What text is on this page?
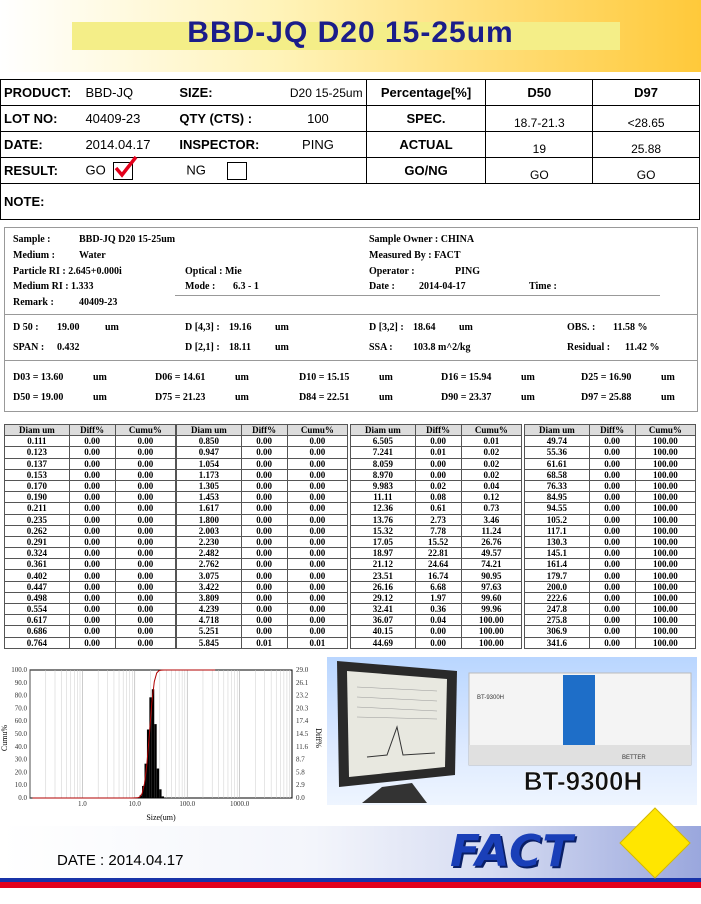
BBD-JQ D20 15-25um
PRODUCT:	BBD-JQ	SIZE:	D20 15-25um	Percentage[%]	D50	D97
LOT NO:	40409-23	QTY (CTS) :	100	SPEC.	18.7-21.3	<28.65
DATE:	2014.04.17	INSPECTOR:	PING	ACTUAL	19	25.88
RESULT:	GO	NG		GO/NG	GO	GO
NOTE:						
Sample :	BBD-JQ D20 15-25um	Sample Owner : CHINA
Medium : Water	Measured By : FACT
Particle RI : 2.645+0.000i	Optical : Mie	Operator :	PING
Medium RI : 1.333	Mode : 6.3 - 1	Date : 2014-04-17	Time :
Remark :	40409-23
D 50 : 19.00	um	D [4,3] : 19.16 um	D [3,2] : 18.64 um	OBS. : 11.58 %
SPAN : 0.432	D [2,1] : 18.11 um	SSA : 103.8 m^2/kg	Residual : 11.42 %
D03 = 13.60	um	D06 = 14.61	um	D10 = 15.15	um	D16 = 15.94	um	D25 = 16.90	um
D50 = 19.00	um	D75 = 21.23	um	D84 = 22.51	um	D90 = 23.37	um	D97 = 25.88	um
Diam um	Diff%	Cumu%
0.111	0.00	0.00
0.123	0.00	0.00
0.137	0.00	0.00
0.153	0.00	0.00
0.170	0.00	0.00
0.190	0.00	0.00
0.211	0.00	0.00
0.235	0.00	0.00
0.262	0.00	0.00
0.291	0.00	0.00
0.324	0.00	0.00
0.361	0.00	0.00
0.402	0.00	0.00
0.447	0.00	0.00
0.498	0.00	0.00
0.554	0.00	0.00
0.617	0.00	0.00
0.686	0.00	0.00
0.764	0.00	0.00
Diam um	Diff%	Cumu%
0.850	0.00	0.00
0.947	0.00	0.00
1.054	0.00	0.00
1.173	0.00	0.00
1.305	0.00	0.00
1.453	0.00	0.00
1.617	0.00	0.00
1.800	0.00	0.00
2.003	0.00	0.00
2.230	0.00	0.00
2.482	0.00	0.00
2.762	0.00	0.00
3.075	0.00	0.00
3.422	0.00	0.00
3.809	0.00	0.00
4.239	0.00	0.00
4.718	0.00	0.00
5.251	0.00	0.00
5.845	0.01	0.01
Diam um	Diff%	Cumu%
6.505	0.00	0.01
7.241	0.01	0.02
8.059	0.00	0.02
8.970	0.00	0.02
9.983	0.02	0.04
11.11	0.08	0.12
12.36	0.61	0.73
13.76	2.73	3.46
15.32	7.78	11.24
17.05	15.52	26.76
18.97	22.81	49.57
21.12	24.64	74.21
23.51	16.74	90.95
26.16	6.68	97.63
29.12	1.97	99.60
32.41	0.36	99.96
36.07	0.04	100.00
40.15	0.00	100.00
44.69	0.00	100.00
Diam um	Diff%	Cumu%
49.74	0.00	100.00
55.36	0.00	100.00
61.61	0.00	100.00
68.58	0.00	100.00
76.33	0.00	100.00
84.95	0.00	100.00
94.55	0.00	100.00
105.2	0.00	100.00
117.1	0.00	100.00
130.3	0.00	100.00
145.1	0.00	100.00
161.4	0.00	100.00
179.7	0.00	100.00
200.0	0.00	100.00
222.6	0.00	100.00
247.8	0.00	100.00
275.8	0.00	100.00
306.9	0.00	100.00
341.6	0.00	100.00
100.0
90.0
80.0
70.0
60.0
50.0
40.0
30.0
20.0
10.0
0.0
29.0
26.1
23.2
20.3
17.4
14.5
11.6
8.7
5.8
2.9
0.0
1.0	10.0	100.0	1000.0
Cumu%	Diff%
Size(um)
BT-9300H
BETTER
BT-9300H
DATE : 2014.04.17	FACT
